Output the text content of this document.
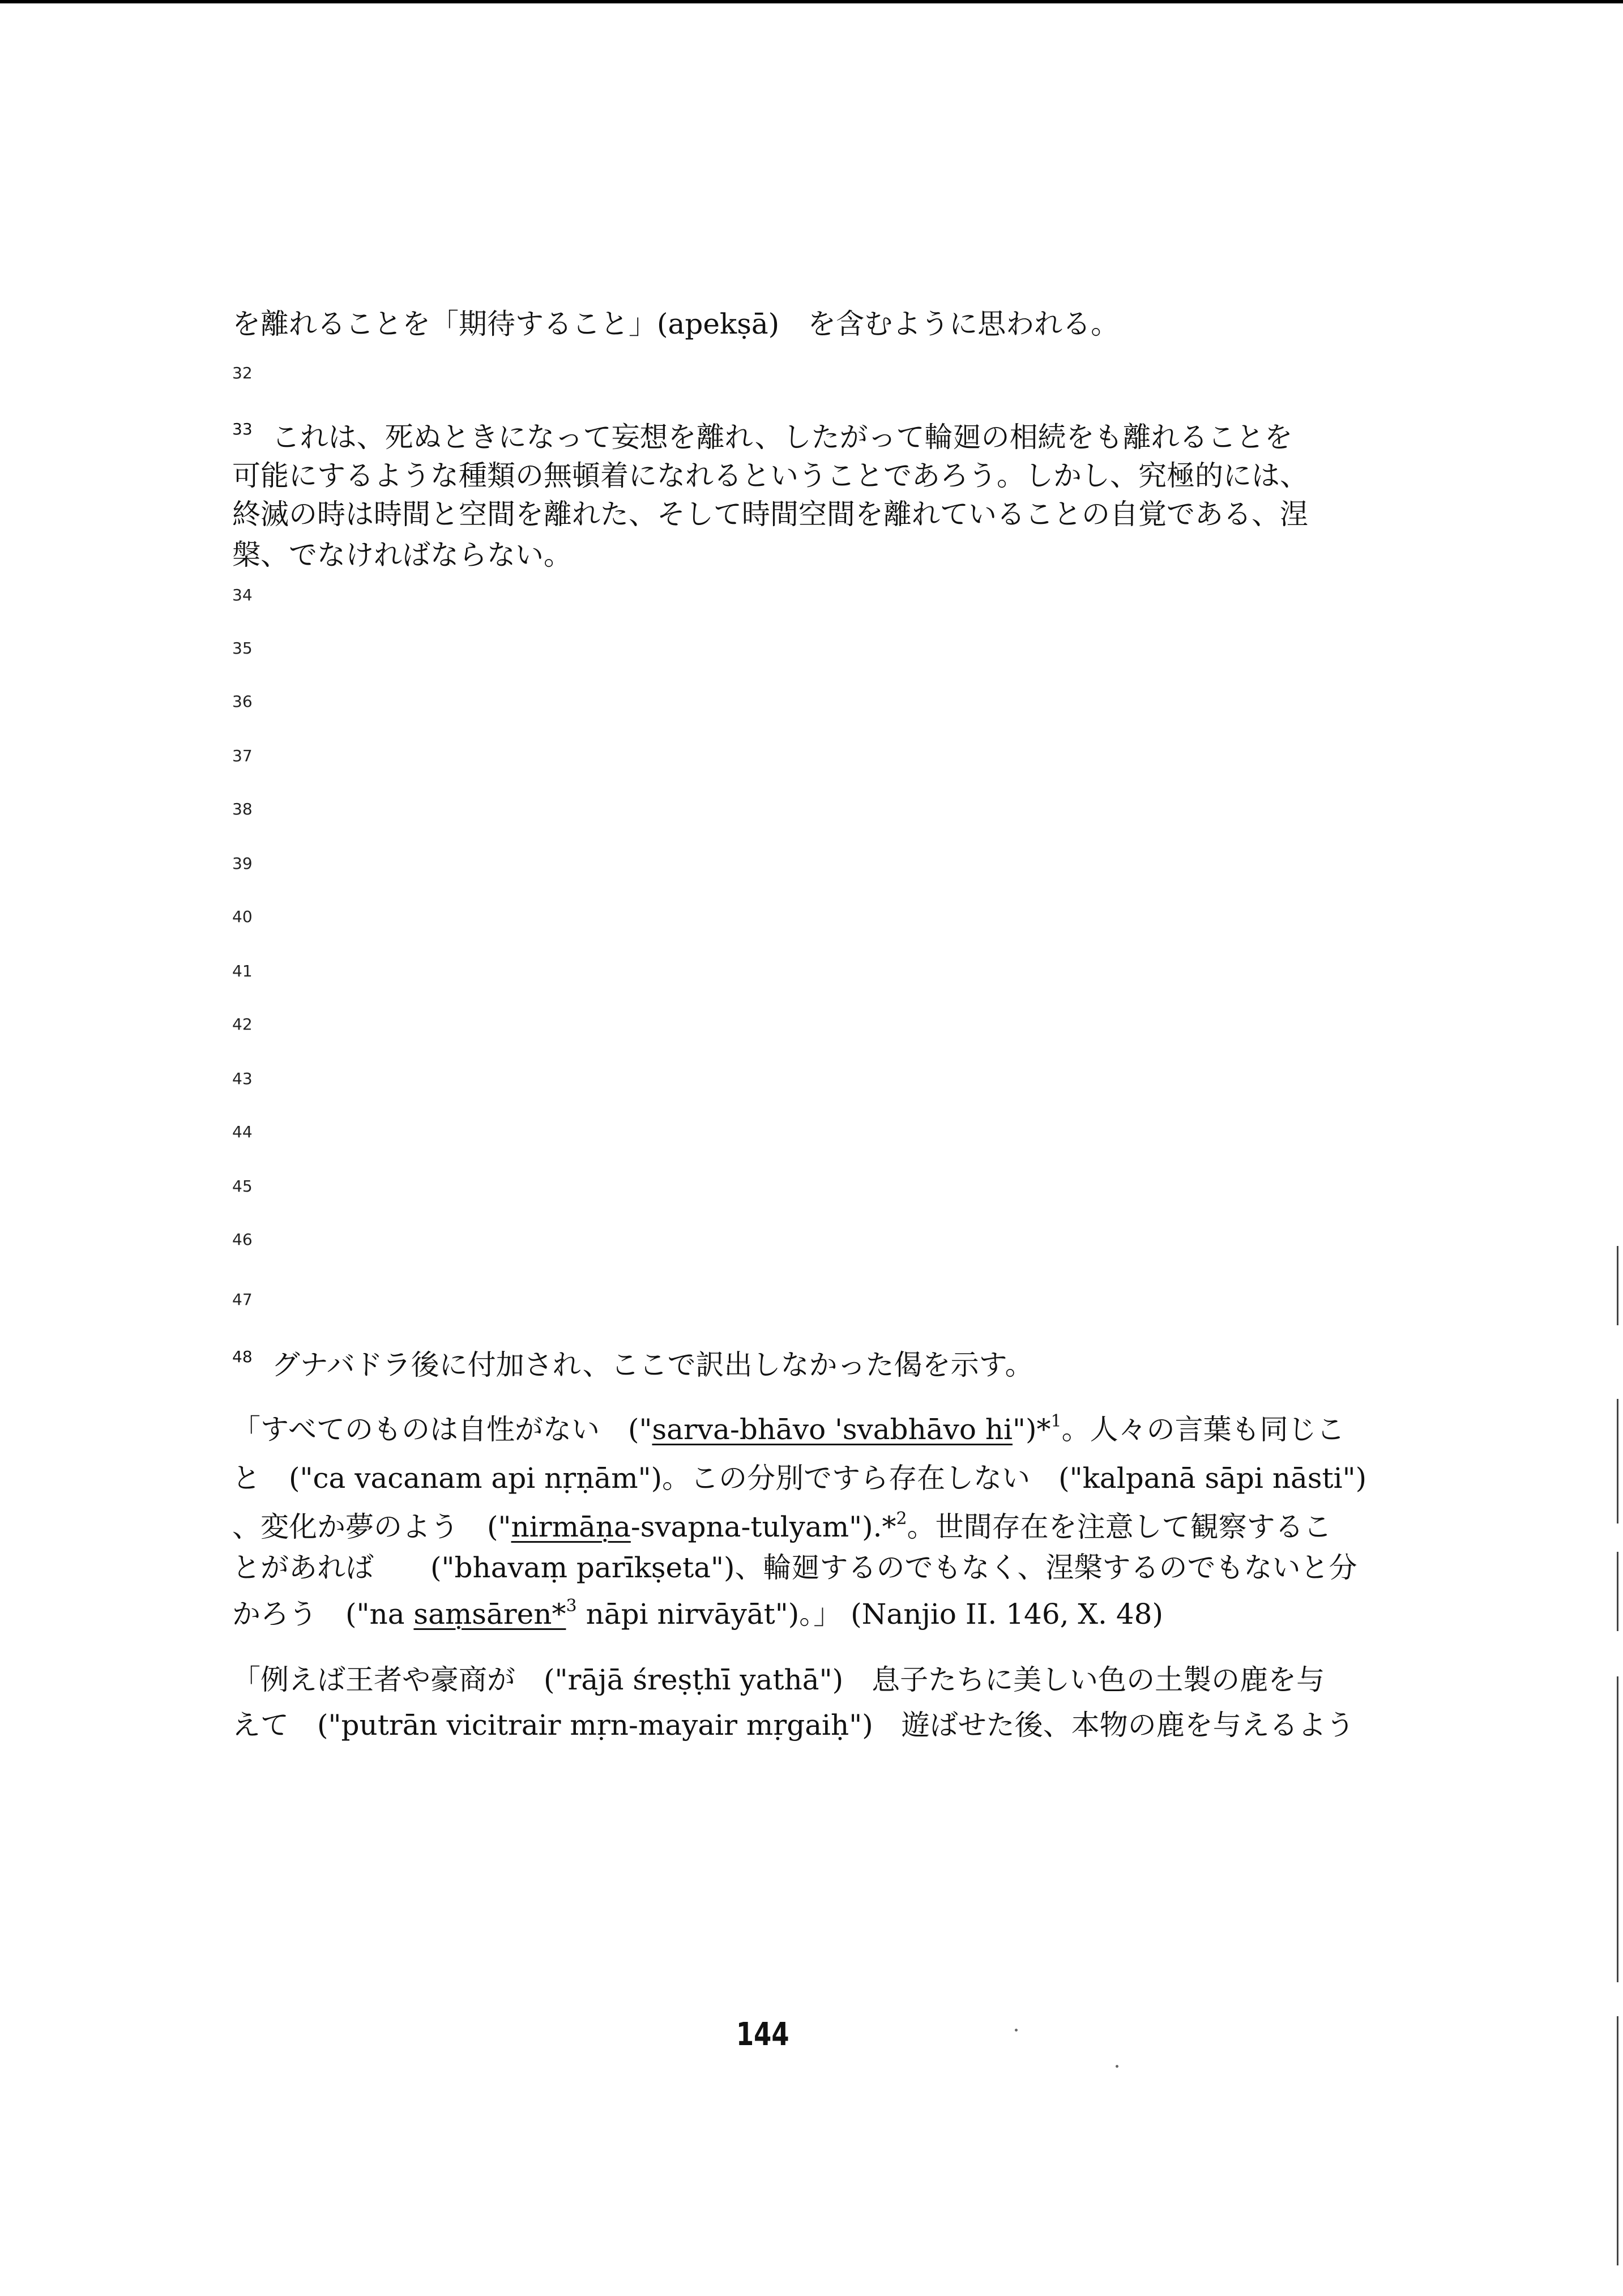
を離れることを「期待すること」(apekṣā)　を含むように思われる。
32
$^{33}$ これは、死ぬときになって妄想を離れ、したがって輪廻の相続をも離れることを
可能にするような種類の無頓着になれるということであろう。しかし、究極的には、
終滅の時は時間と空間を離れた、そして時間空間を離れていることの自覚である、涅
槃、でなければならない。
34
35
36
37
38
39
40
41
42
43
44
45
46
47
$^{48}$ グナバドラ後に付加され、ここで訳出しなかった偈を示す。
「すべてのものは自性がない　("sarva-bhāvo 'svabhāvo hi")*$^1$。人々の言葉も同じこ
と　("ca vacanam api nṛṇām")。この分別ですら存在しない　("kalpanā sāpi nāsti")
、変化か夢のよう　("nirmāṇa-svapna-tulyam").*$^2$。世間存在を注意して観察するこ
とがあれば　　("bhavaṃ parīkṣeta")、輪廻するのでもなく、涅槃するのでもないと分
かろう　("na saṃsāren*$^3$ nāpi nirvāyāt")。」 (Nanjio II. 146, X. 48)
「例えば王者や豪商が　("rājā śreṣṭhī yathā")　息子たちに美しい色の土製の鹿を与
えて　("putrān vicitrair mṛn-mayair mṛgaiḥ")　遊ばせた後、本物の鹿を与えるよう
144
